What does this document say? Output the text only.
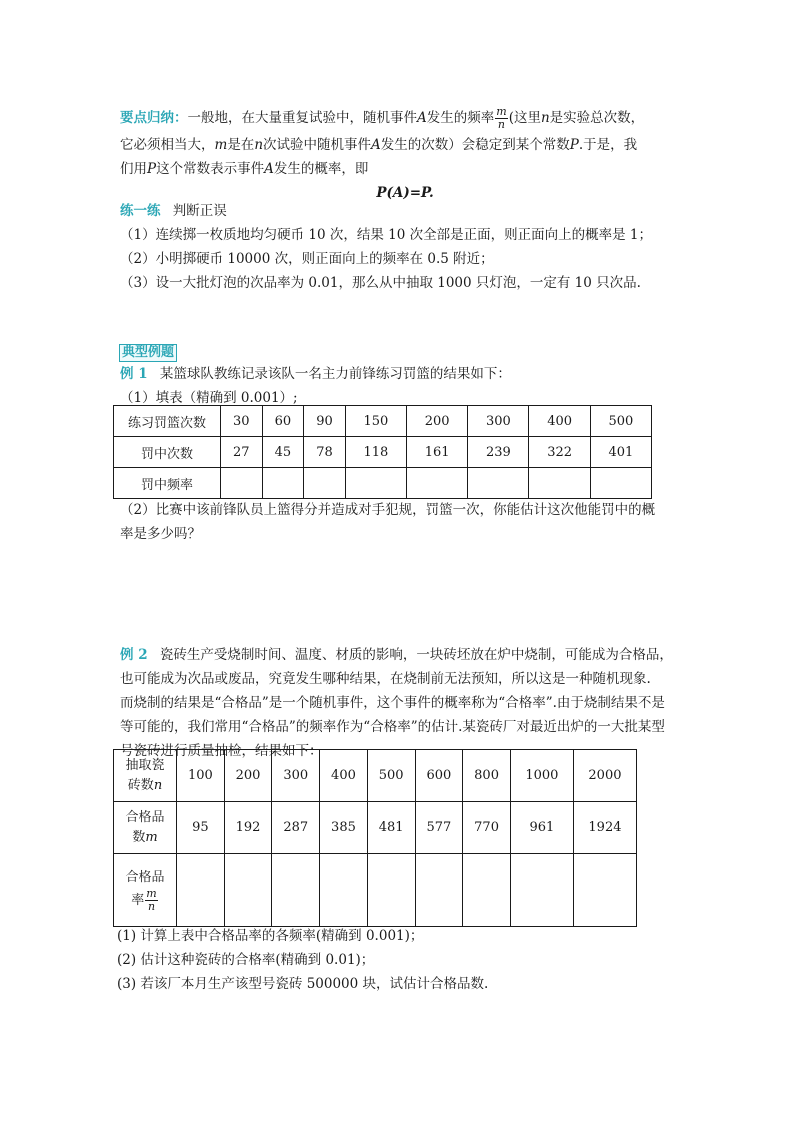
要点归纳：一般地，在大量重复试验中，随机事件A发生的频率 $\frac{m}{n}$ (这里n是实验总次数，
它必须相当大，m是在n次试验中随机事件A发生的次数）会稳定到某个常数P.于是，我
们用P这个常数表示事件A发生的概率，即
P(A)=P.
练一练 判断正误
（1）连续掷一枚质地均匀硬币 10 次，结果 10 次全部是正面，则正面向上的概率是 1；
（2）小明掷硬币 10000 次，则正面向上的频率在 0.5 附近；
（3）设一大批灯泡的次品率为 0.01，那么从中抽取 1000 只灯泡，一定有 10 只次品.
典型例题
例 1 某篮球队教练记录该队一名主力前锋练习罚篮的结果如下：
（1）填表（精确到 0.001）;
练习罚篮次数	30	60	90	150	200	300	400	500
罚中次数	27	45	78	118	161	239	322	401
罚中频率								
（2）比赛中该前锋队员上篮得分并造成对手犯规，罚篮一次，你能估计这次他能罚中的概
率是多少吗？
例 2 瓷砖生产受烧制时间、温度、材质的影响，一块砖坯放在炉中烧制，可能成为合格品，
也可能成为次品或废品，究竟发生哪种结果，在烧制前无法预知，所以这是一种随机现象.
而烧制的结果是“合格品”是一个随机事件，这个事件的概率称为“合格率”.由于烧制结果不是
等可能的，我们常用“合格品”的频率作为“合格率”的估计.某瓷砖厂对最近出炉的一大批某型
号瓷砖进行质量抽检，结果如下：
抽取瓷
砖数n	100	200	300	400	500	600	800	1000	2000

合格品
数m	95	192	287	385	481	577	770	961	1924

合格品
率 $\frac{m}{n}$

(1) 计算上表中合格品率的各频率(精确到 0.001)；
(2) 估计这种瓷砖的合格率(精确到 0.01)；
(3) 若该厂本月生产该型号瓷砖 500000 块，试估计合格品数.
